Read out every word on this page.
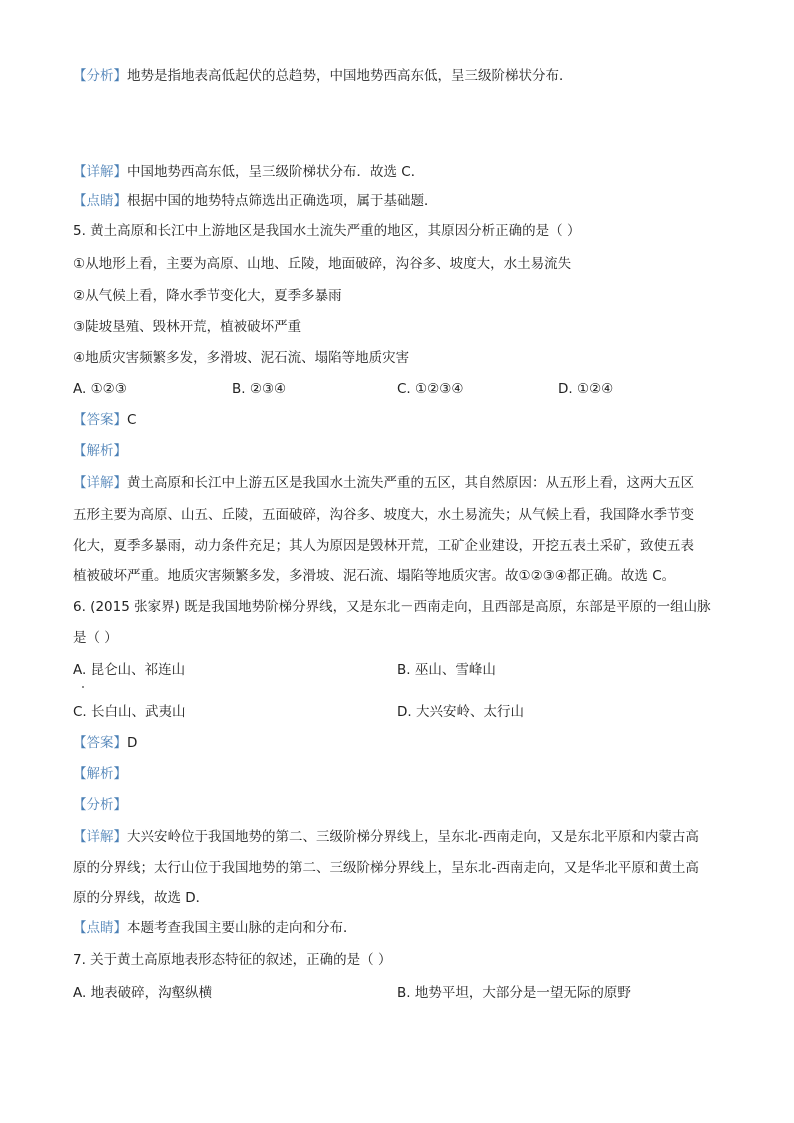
【分析】地势是指地表高低起伏的总趋势，中国地势西高东低，呈三级阶梯状分布．
【详解】中国地势西高东低，呈三级阶梯状分布．故选 C．
【点睛】根据中国的地势特点筛选出正确选项，属于基础题．
5. 黄土高原和长江中上游地区是我国水土流失严重的地区，其原因分析正确的是（ ）
①从地形上看，主要为高原、山地、丘陵，地面破碎，沟谷多、坡度大，水土易流失
②从气候上看，降水季节变化大，夏季多暴雨
③陡坡垦殖、毁林开荒，植被破坏严重
④地质灾害频繁多发，多滑坡、泥石流、塌陷等地质灾害
A. ①②③	B. ②③④	C. ①②③④	D. ①②④
【答案】C
【解析】
【详解】黄土高原和长江中上游五区是我国水土流失严重的五区，其自然原因：从五形上看，这两大五区
五形主要为高原、山五、丘陵，五面破碎，沟谷多、坡度大，水土易流失；从气候上看，我国降水季节变
化大，夏季多暴雨，动力条件充足；其人为原因是毁林开荒，工矿企业建设，开挖五表土采矿，致使五表
植被破坏严重。地质灾害频繁多发，多滑坡、泥石流、塌陷等地质灾害。故①②③④都正确。故选 C。
6. (2015 张家界) 既是我国地势阶梯分界线，又是东北－西南走向，且西部是高原，东部是平原的一组山脉
是（ ）
A. 昆仑山、祁连山	B. 巫山、雪峰山
C. 长白山、武夷山	D. 大兴安岭、太行山
【答案】D
【解析】
【分析】
【详解】大兴安岭位于我国地势的第二、三级阶梯分界线上，呈东北-西南走向，又是东北平原和内蒙古高
原的分界线；太行山位于我国地势的第二、三级阶梯分界线上，呈东北-西南走向，又是华北平原和黄土高
原的分界线，故选 D．
【点睛】本题考查我国主要山脉的走向和分布．
7. 关于黄土高原地表形态特征的叙述，正确的是（ ）
A. 地表破碎，沟壑纵横	B. 地势平坦，大部分是一望无际的原野
